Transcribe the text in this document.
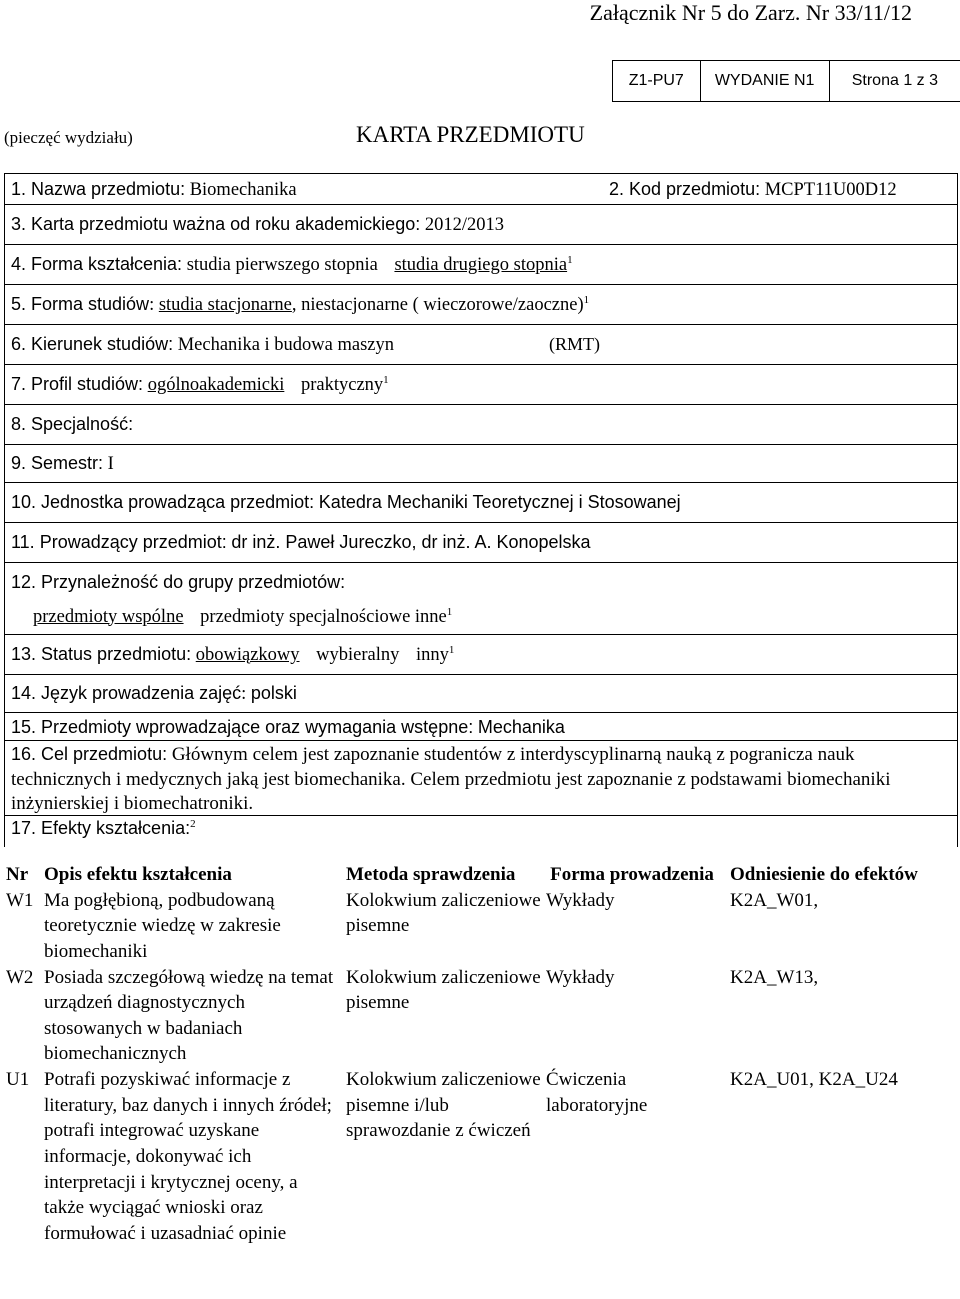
Załącznik Nr 5 do Zarz. Nr 33/11/12
Z1-PU7	WYDANIE N1	Strona 1 z 3
(pieczęć wydziału)	KARTA PRZEDMIOTU
1. Nazwa przedmiotu: Biomechanika	2. Kod przedmiotu: MCPT11U00D12
3. Karta przedmiotu ważna od roku akademickiego: 2012/2013
4. Forma kształcenia: studia pierwszego stopnia studia drugiego stopnia$^1$
5. Forma studiów: studia stacjonarne, niestacjonarne ( wieczorowe/zaoczne)$^1$
6. Kierunek studiów: Mechanika i budowa maszyn	(RMT)
7. Profil studiów: ogólnoakademicki praktyczny$^1$
8. Specjalność:
9. Semestr: I
10. Jednostka prowadząca przedmiot: Katedra Mechaniki Teoretycznej i Stosowanej
11. Prowadzący przedmiot: dr inż. Paweł Jureczko, dr inż. A. Konopelska
12. Przynależność do grupy przedmiotów:
przedmioty wspólne przedmioty specjalnościowe inne$^1$
13. Status przedmiotu: obowiązkowy wybieralny inny$^1$
14. Język prowadzenia zajęć: polski
15. Przedmioty wprowadzające oraz wymagania wstępne: Mechanika
16. Cel przedmiotu: Głównym celem jest zapoznanie studentów z interdyscyplinarną nauką z pogranicza nauk technicznych i medycznych jaką jest biomechanika. Celem przedmiotu jest zapoznanie z podstawami biomechaniki inżynierskiej i biomechatroniki.
17. Efekty kształcenia:$^2$
Nr	Opis efektu kształcenia	Metoda sprawdzenia	Forma prowadzenia	Odniesienie do efektów
W1	Ma pogłębioną, podbudowaną teoretycznie wiedzę w zakresie biomechaniki	Kolokwium zaliczeniowe pisemne	Wykłady	K2A_W01,
W2	Posiada szczegółową wiedzę na temat urządzeń diagnostycznych stosowanych w badaniach biomechanicznych	Kolokwium zaliczeniowe pisemne	Wykłady	K2A_W13,
U1	Potrafi pozyskiwać informacje z literatury, baz danych i innych źródeł; potrafi integrować uzyskane informacje, dokonywać ich interpretacji i krytycznej oceny, a także wyciągać wnioski oraz formułować i uzasadniać opinie	Kolokwium zaliczeniowe pisemne i/lub sprawozdanie z ćwiczeń	Ćwiczenia laboratoryjne	K2A_U01, K2A_U24
